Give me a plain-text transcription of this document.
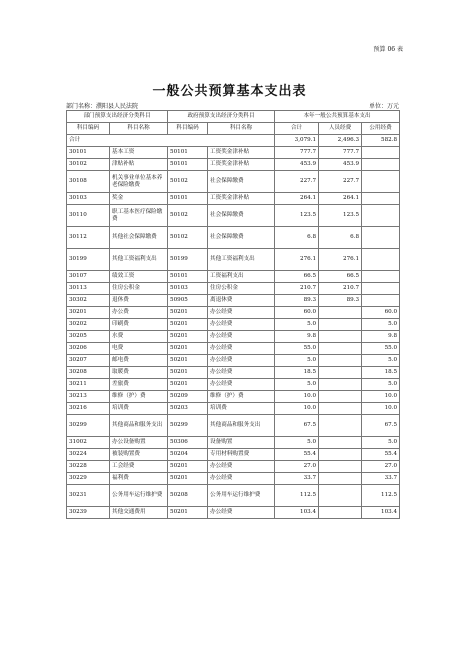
预算 06 表
一般公共预算基本支出表
部门名称：濮阳县人民法院	单位：万元
部门预算支出经济分类科目		政府预算支出经济分类科目		本年一般公共预算基本支出		
科目编码	科目名称	科目编码	科目名称	合计	人员经费	公用经费
合计				3,079.1	2,496.3	582.8
30101	基本工资	50101	工资奖金津补贴	777.7	777.7	
30102	津贴补贴	50101	工资奖金津补贴	453.9	453.9	
30108	机关事业单位基本养老保险缴费	50102	社会保障缴费	227.7	227.7	
30103	奖金	50101	工资奖金津补贴	264.1	264.1	
30110	职工基本医疗保险缴费	50102	社会保障缴费	123.5	123.5	
30112	其他社会保障缴费	50102	社会保障缴费	6.8	6.8	
30199	其他工资福利支出	50199	其他工资福利支出	276.1	276.1	
30107	绩效工资	50101	工资福利支出	66.5	66.5	
30113	住房公积金	50103	住房公积金	210.7	210.7	
30302	退休费	50905	离退休费	89.3	89.3	
30201	办公费	50201	办公经费	60.0		60.0
30202	印刷费	50201	办公经费	5.0		5.0
30205	水费	50201	办公经费	9.8		9.8
30206	电费	50201	办公经费	55.0		55.0
30207	邮电费	50201	办公经费	5.0		5.0
30208	取暖费	50201	办公经费	18.5		18.5
30211	差旅费	50201	办公经费	5.0		5.0
30213	维修（护）费	50209	维修（护）费	10.0		10.0
30216	培训费	50203	培训费	10.0		10.0
30299	其他商品和服务支出	50299	其他商品和服务支出	67.5		67.5
31002	办公设备购置	50306	设备购置	5.0		5.0
30224	被装购置费	50204	专用材料购置费	55.4		55.4
30228	工会经费	50201	办公经费	27.0		27.0
30229	福利费	50201	办公经费	33.7		33.7
30231	公务用车运行维护费	50208	公务用车运行维护费	112.5		112.5
30239	其他交通费用	50201	办公经费	103.4		103.4
